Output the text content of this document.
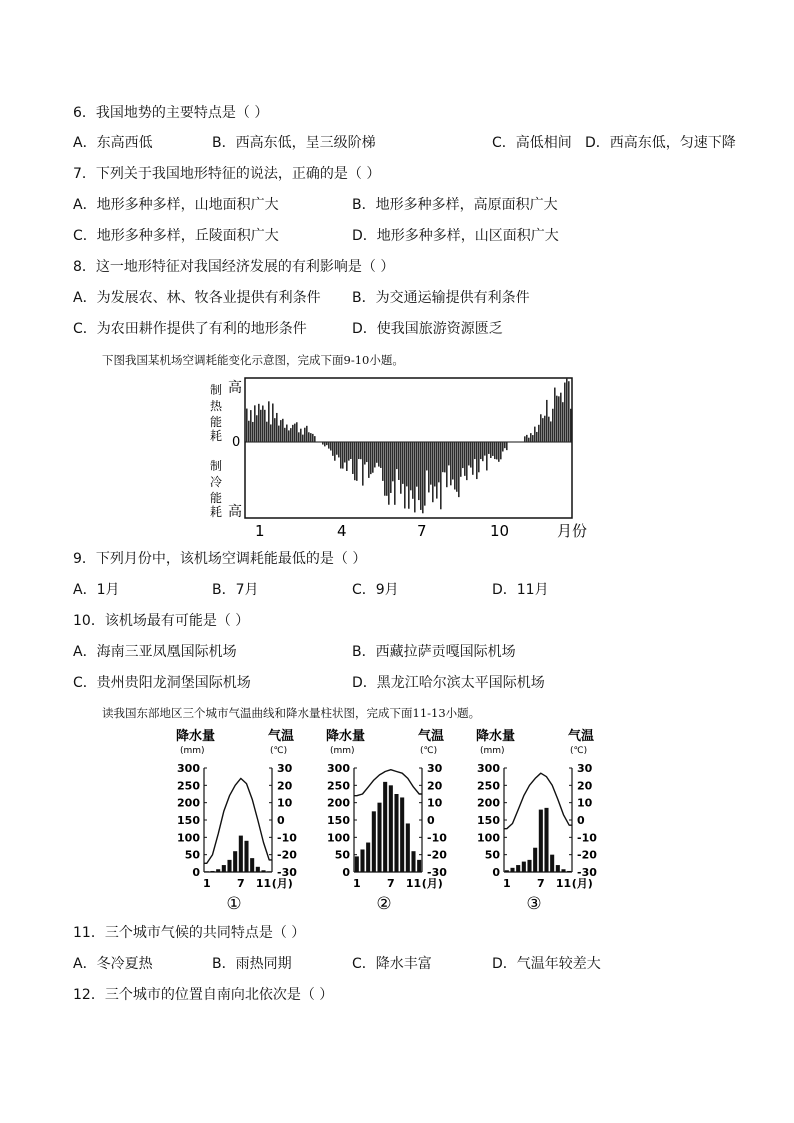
6．我国地势的主要特点是（ ）
A．东高西低	B．西高东低，呈三级阶梯	C．高低相间 D．西高东低，匀速下降
7．下列关于我国地形特征的说法，正确的是（ ）
A．地形多种多样，山地面积广大	B．地形多种多样，高原面积广大
C．地形多种多样，丘陵面积广大	D．地形多种多样，山区面积广大
8．这一地形特征对我国经济发展的有利影响是（ ）
A．为发展农、林、牧各业提供有利条件 B．为交通运输提供有利条件
C．为农田耕作提供了有利的地形条件	D．使我国旅游资源匮乏
下图我国某机场空调耗能变化示意图，完成下面9-10小题。
制
热
能
耗
制
冷
能
耗
高
0
高
1	4	7	10	月份
9．下列月份中，该机场空调耗能最低的是（ ）
A．1月	B．7月	C．9月	D．11月
10．该机场最有可能是（ ）
A．海南三亚凤凰国际机场	B．西藏拉萨贡嘎国际机场
C．贵州贵阳龙洞堡国际机场	D．黑龙江哈尔滨太平国际机场
读我国东部地区三个城市气温曲线和降水量柱状图，完成下面11-13小题。
降水量
(mm)
气温
(℃)
300
250
200
150
100
50
0
30
20
10
0
-10
-20
-30
1 7 11 (月)
①
降水量
(mm)
气温
(℃)
300
250
200
150
100
50
0
30
20
10
0
-10
-20
-30
1 7 11 (月)
②
降水量
(mm)
气温
(℃)
300
250
200
150
100
50
0
30
20
10
0
-10
-20
-30
1 7 11 (月)
③
11．三个城市气候的共同特点是（ ）
A．冬冷夏热	B．雨热同期	C．降水丰富	D．气温年较差大
12．三个城市的位置自南向北依次是（ ）
